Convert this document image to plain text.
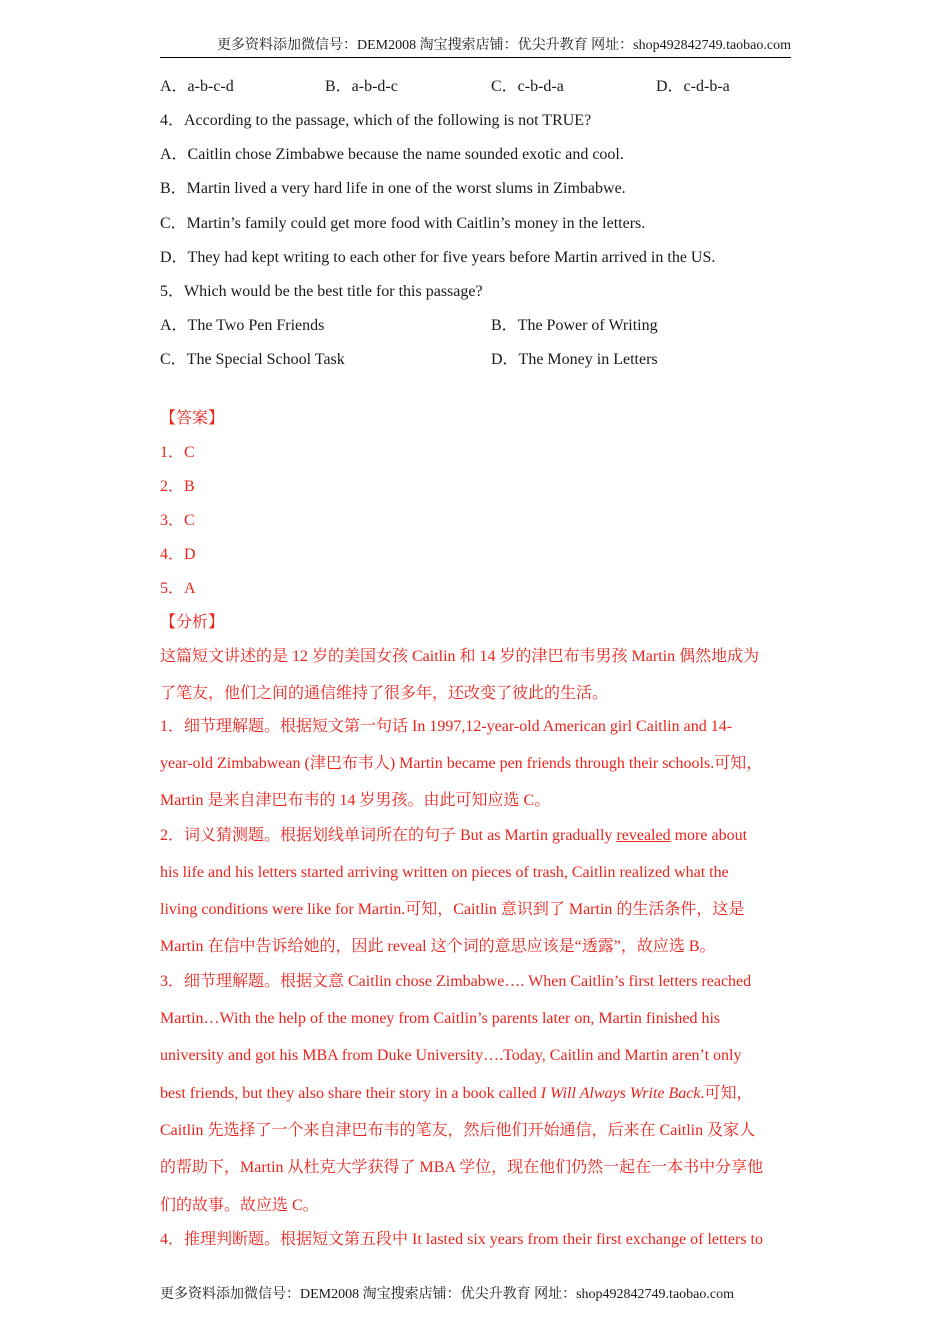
更多资料添加微信号：DEM2008 淘宝搜索店铺：优尖升教育 网址：shop492842749.taobao.com
A．a-b-c-d	B．a-b-d-c	C．c-b-d-a	D．c-d-b-a
4．According to the passage, which of the following is not TRUE?
A．Caitlin chose Zimbabwe because the name sounded exotic and cool.
B．Martin lived a very hard life in one of the worst slums in Zimbabwe.
C．Martin’s family could get more food with Caitlin’s money in the letters.
D．They had kept writing to each other for five years before Martin arrived in the US.
5．Which would be the best title for this passage?
A．The Two Pen Friends	B．The Power of Writing
C．The Special School Task	D．The Money in Letters
【答案】
1．C
2．B
3．C
4．D
5．A
【分析】
这篇短文讲述的是 12 岁的美国女孩 Caitlin 和 14 岁的津巴布韦男孩 Martin 偶然地成为
了笔友，他们之间的通信维持了很多年，还改变了彼此的生活。
1．细节理解题。根据短文第一句话 In 1997,12-year-old American girl Caitlin and 14-
year-old Zimbabwean (津巴布韦人) Martin became pen friends through their schools.可知，
Martin 是来自津巴布韦的 14 岁男孩。由此可知应选 C。
2．词义猜测题。根据划线单词所在的句子 But as Martin gradually revealed more about
his life and his letters started arriving written on pieces of trash, Caitlin realized what the
living conditions were like for Martin.可知，Caitlin 意识到了 Martin 的生活条件，这是
Martin 在信中告诉给她的，因此 reveal 这个词的意思应该是“透露”，故应选 B。
3．细节理解题。根据文意 Caitlin chose Zimbabwe…. When Caitlin’s first letters reached
Martin…With the help of the money from Caitlin’s parents later on, Martin finished his
university and got his MBA from Duke University….Today, Caitlin and Martin aren’t only
best friends, but they also share their story in a book called I Will Always Write Back.可知，
Caitlin 先选择了一个来自津巴布韦的笔友，然后他们开始通信，后来在 Caitlin 及家人
的帮助下，Martin 从杜克大学获得了 MBA 学位，现在他们仍然一起在一本书中分享他
们的故事。故应选 C。
4．推理判断题。根据短文第五段中 It lasted six years from their first exchange of letters to
更多资料添加微信号：DEM2008 淘宝搜索店铺：优尖升教育 网址：shop492842749.taobao.com
